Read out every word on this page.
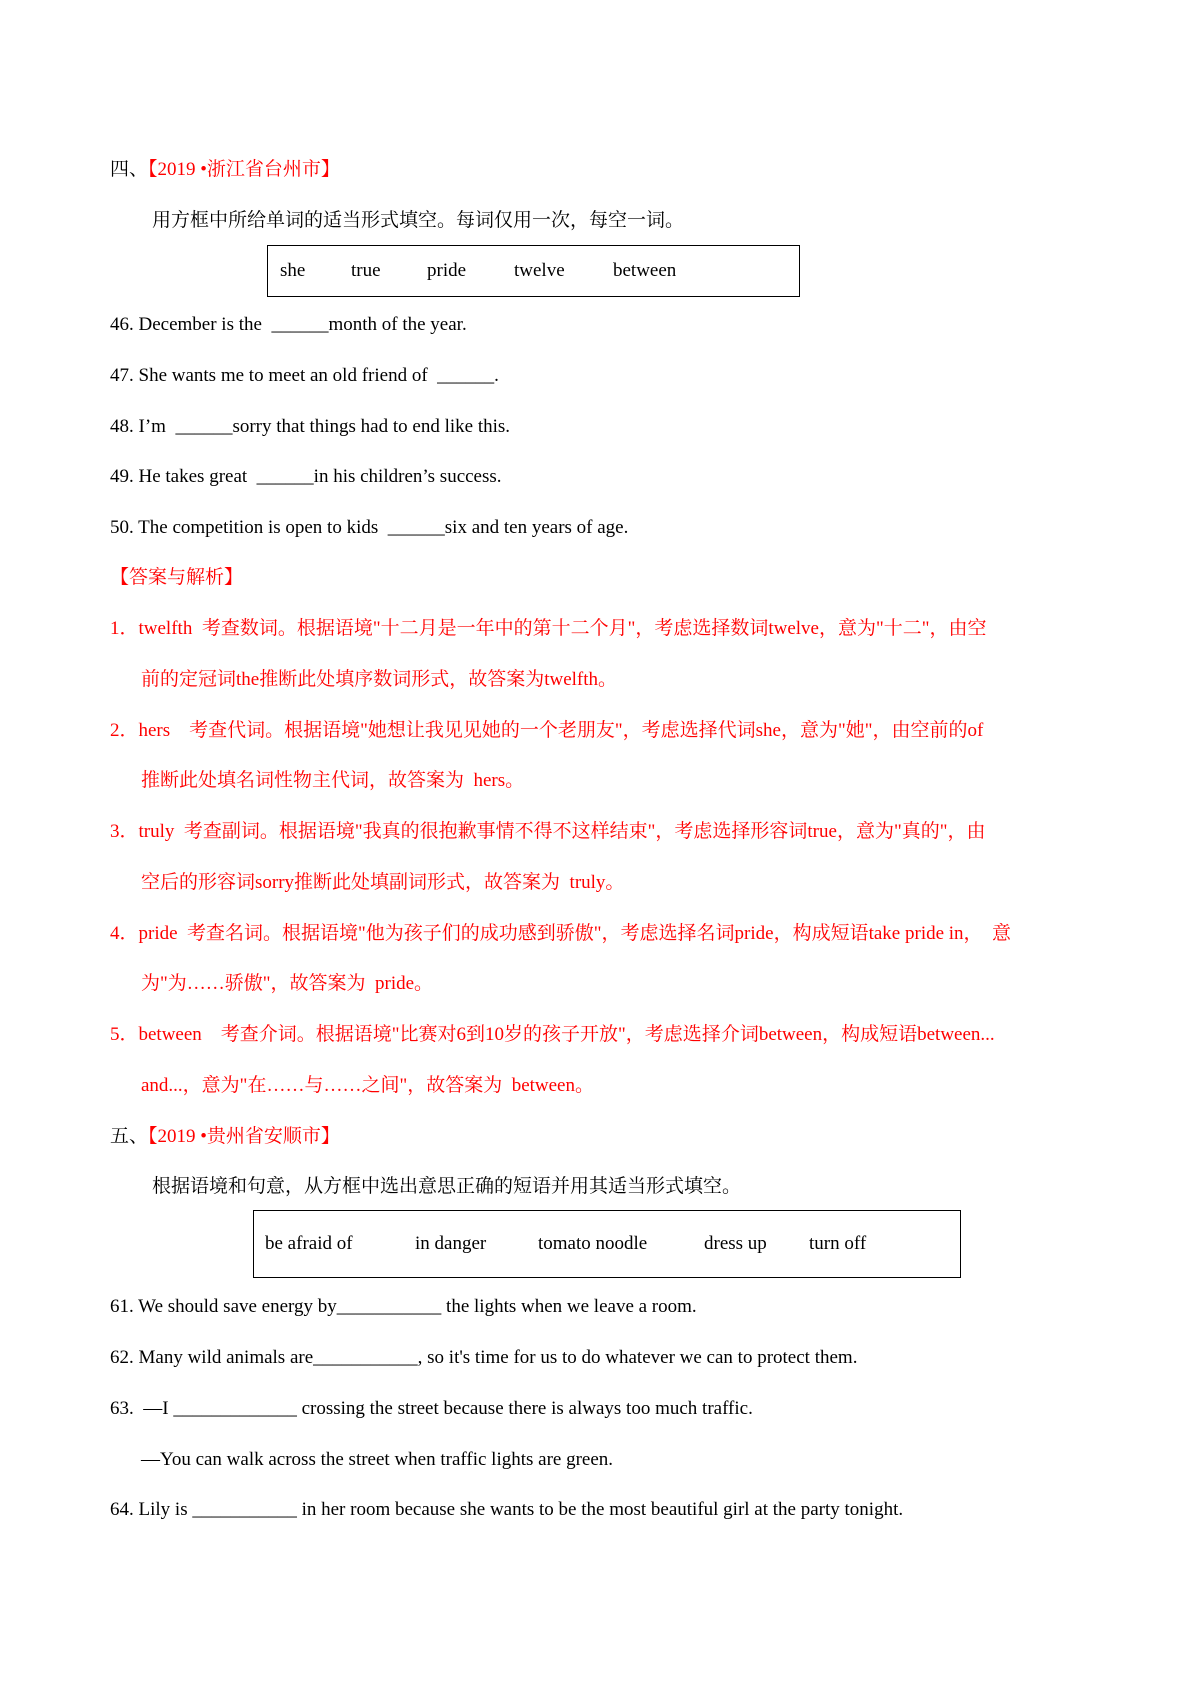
四、【2019 •浙江省台州市】
用方框中所给单词的适当形式填空。每词仅用一次，每空一词。
she	true	pride	twelve	between
46. December is the  ______month of the year.
47. She wants me to meet an old friend of  ______.
48. I’m  ______sorry that things had to end like this.
49. He takes great  ______in his children’s success.
50. The competition is open to kids  ______six and ten years of age.
【答案与解析】
1．twelfth  考查数词。根据语境"十二月是一年中的第十二个月"，考虑选择数词twelve，意为"十二"，由空
前的定冠词the推断此处填序数词形式，故答案为twelfth。
2．hers    考查代词。根据语境"她想让我见见她的一个老朋友"，考虑选择代词she，意为"她"，由空前的of
推断此处填名词性物主代词，故答案为  hers。
3．truly  考查副词。根据语境"我真的很抱歉事情不得不这样结束"，考虑选择形容词true，意为"真的"，由
空后的形容词sorry推断此处填副词形式，故答案为  truly。
4．pride  考查名词。根据语境"他为孩子们的成功感到骄傲"，考虑选择名词pride，构成短语take pride in，  意
为"为……骄傲"，故答案为  pride。
5．between    考查介词。根据语境"比赛对6到10岁的孩子开放"，考虑选择介词between，构成短语between...
and...，意为"在……与……之间"，故答案为  between。
五、【2019 •贵州省安顺市】
根据语境和句意，从方框中选出意思正确的短语并用其适当形式填空。
be afraid of	in danger	tomato noodle	dress up	turn off
61. We should save energy by___________ the lights when we leave a room.
62. Many wild animals are___________, so it's time for us to do whatever we can to protect them.
63.  —I _____________ crossing the street because there is always too much traffic.
—You can walk across the street when traffic lights are green.
64. Lily is ___________ in her room because she wants to be the most beautiful girl at the party tonight.
